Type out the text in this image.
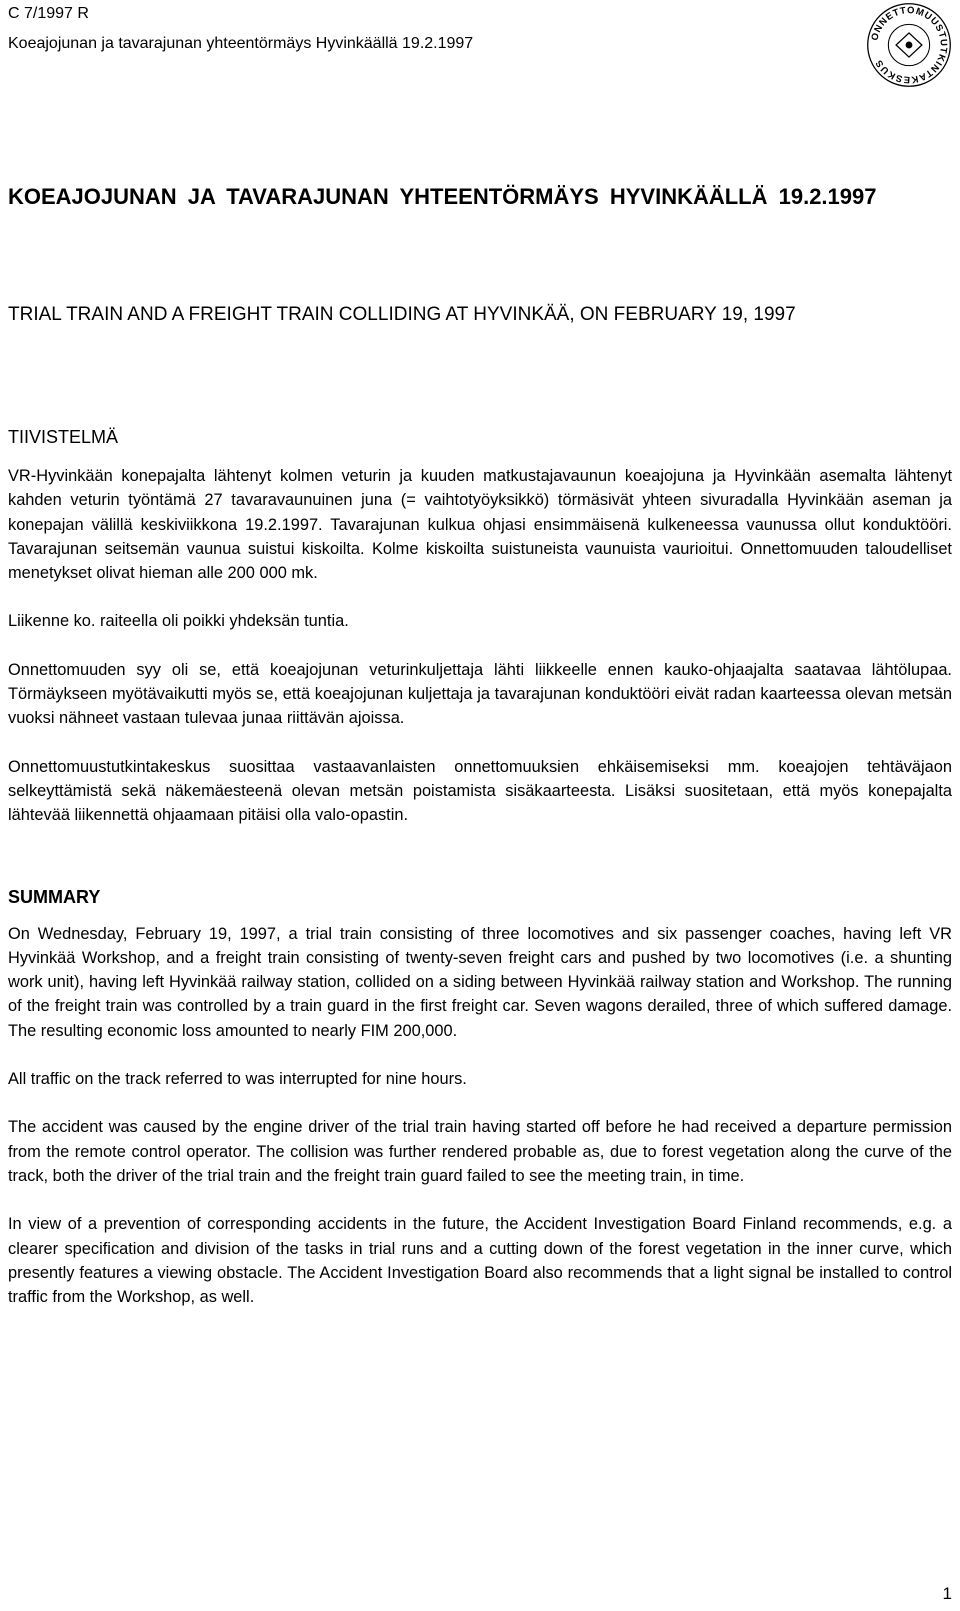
C 7/1997 R
Koeajojunan ja tavarajunan yhteentörmäys Hyvinkäällä 19.2.1997	ONNETTOMUUSTUTKINTAKESKUS
KOEAJOJUNAN JA TAVARAJUNAN YHTEENTÖRMÄYS HYVINKÄÄLLÄ 19.2.1997
TRIAL TRAIN AND A FREIGHT TRAIN COLLIDING AT HYVINKÄÄ, ON FEBRUARY 19, 1997
TIIVISTELMÄ

VR-Hyvinkään konepajalta lähtenyt kolmen veturin ja kuuden matkustajavaunun koeajojuna ja Hyvinkään asemalta lähtenyt kahden veturin työntämä 27 tavaravaunuinen juna (= vaihtotyöyksikkö) törmäsivät yhteen sivuradalla Hyvinkään aseman ja konepajan välillä keskiviikkona 19.2.1997. Tavarajunan kulkua ohjasi ensimmäisenä kulkeneessa vaunussa ollut konduktööri. Tavarajunan seitsemän vaunua suistui kiskoilta. Kolme kiskoilta suistuneista vaunuista vaurioitui. Onnettomuuden taloudelliset menetykset olivat hieman alle 200 000 mk.

Liikenne ko. raiteella oli poikki yhdeksän tuntia.

Onnettomuuden syy oli se, että koeajojunan veturinkuljettaja lähti liikkeelle ennen kauko-ohjaajalta saatavaa lähtölupaa. Törmäykseen myötävaikutti myös se, että koeajojunan kuljettaja ja tavarajunan konduktööri eivät radan kaarteessa olevan metsän vuoksi nähneet vastaan tulevaa junaa riittävän ajoissa.

Onnettomuustutkintakeskus suosittaa vastaavanlaisten onnettomuuksien ehkäisemiseksi mm. koeajojen tehtäväjaon selkeyttämistä sekä näkemäesteenä olevan metsän poistamista sisäkaarteesta. Lisäksi suositetaan, että myös konepajalta lähtevää liikennettä ohjaamaan pitäisi olla valo-opastin.

SUMMARY

On Wednesday, February 19, 1997, a trial train consisting of three locomotives and six passenger coaches, having left VR Hyvinkää Workshop, and a freight train consisting of twenty-seven freight cars and pushed by two locomotives (i.e. a shunting work unit), having left Hyvinkää railway station, collided on a siding between Hyvinkää railway station and Workshop. The running of the freight train was controlled by a train guard in the first freight car. Seven wagons derailed, three of which suffered damage. The resulting economic loss amounted to nearly FIM 200,000.

All traffic on the track referred to was interrupted for nine hours.

The accident was caused by the engine driver of the trial train having started off before he had received a departure permission from the remote control operator. The collision was further rendered probable as, due to forest vegetation along the curve of the track, both the driver of the trial train and the freight train guard failed to see the meeting train, in time.

In view of a prevention of corresponding accidents in the future, the Accident Investigation Board Finland recommends, e.g. a clearer specification and division of the tasks in trial runs and a cutting down of the forest vegetation in the inner curve, which presently features a viewing obstacle. The Accident Investigation Board also recommends that a light signal be installed to control traffic from the Workshop, as well.

1
